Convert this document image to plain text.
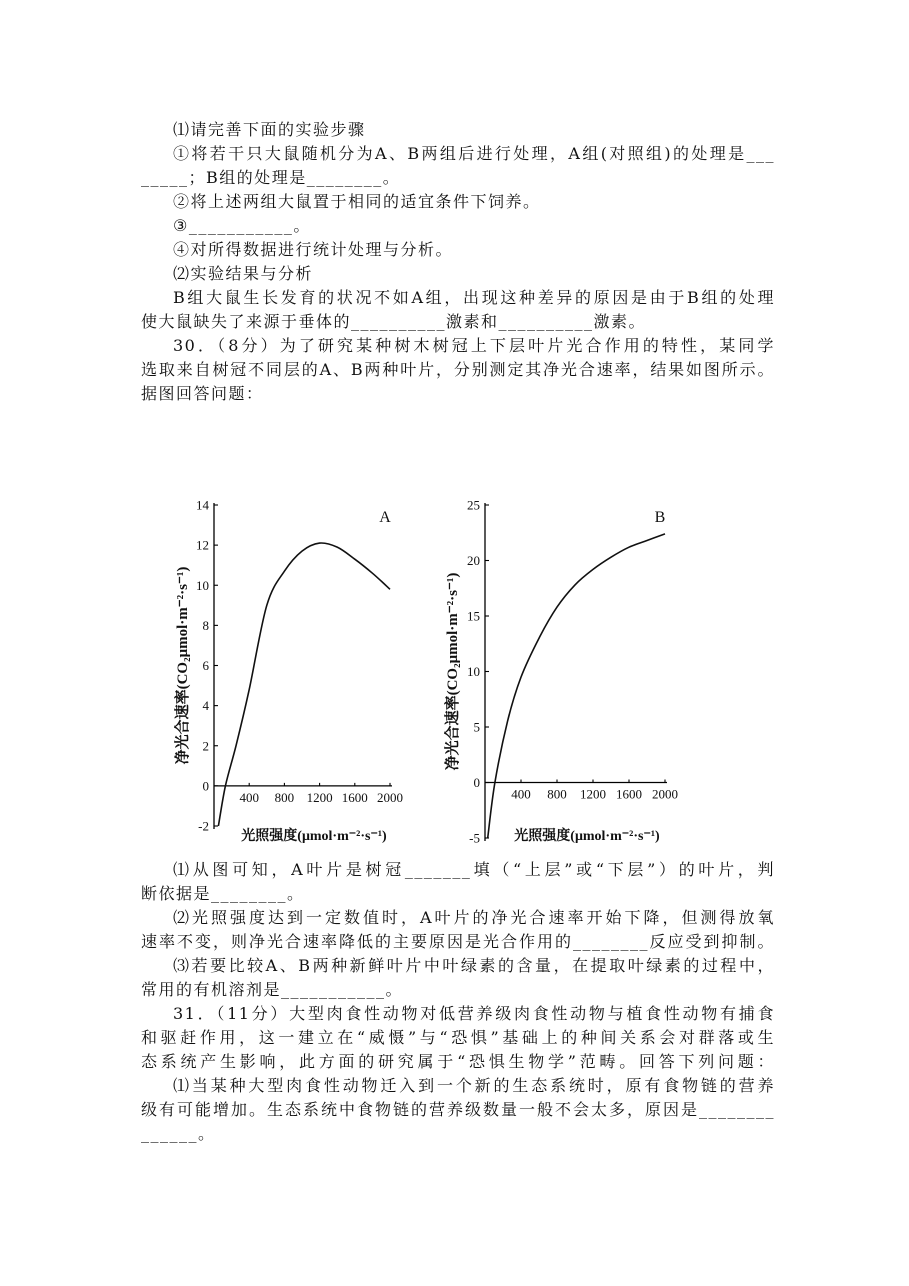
⑴请完善下面的实验步骤
①将若干只大鼠随机分为A、B两组后进行处理，A组(对照组)的处理是___
_____；B组的处理是________。
②将上述两组大鼠置于相同的适宜条件下饲养。
③___________。
④对所得数据进行统计处理与分析。
⑵实验结果与分析
B组大鼠生长发育的状况不如A组，出现这种差异的原因是由于B组的处理
使大鼠缺失了来源于垂体的__________激素和__________激素。
30．（8分）为了研究某种树木树冠上下层叶片光合作用的特性，某同学
选取来自树冠不同层的A、B两种叶片，分别测定其净光合速率，结果如图所示。
据图回答问题：
-2
0
2
4
6
8
10
12
14
400 800 1200 1600 2000
A
净光合速率(CO₂μmol·m⁻²·s⁻¹)
光照强度(μmol·m⁻²·s⁻¹)	-5
0
5
10
15
20
25
400 800 1200 1600 2000
B
净光合速率(CO₂μmol·m⁻²·s⁻¹)
光照强度(μmol·m⁻²·s⁻¹)
⑴从图可知，A叶片是树冠_______填（“上层”或“下层”）的叶片，判
断依据是________。
⑵光照强度达到一定数值时，A叶片的净光合速率开始下降，但测得放氧
速率不变，则净光合速率降低的主要原因是光合作用的________反应受到抑制。
⑶若要比较A、B两种新鲜叶片中叶绿素的含量，在提取叶绿素的过程中，
常用的有机溶剂是___________。
31．（11分）大型肉食性动物对低营养级肉食性动物与植食性动物有捕食
和驱赶作用，这一建立在“威慑”与“恐惧”基础上的种间关系会对群落或生
态系统产生影响，此方面的研究属于“恐惧生物学”范畴。回答下列问题：
⑴当某种大型肉食性动物迁入到一个新的生态系统时，原有食物链的营养
级有可能增加。生态系统中食物链的营养级数量一般不会太多，原因是________
______。
